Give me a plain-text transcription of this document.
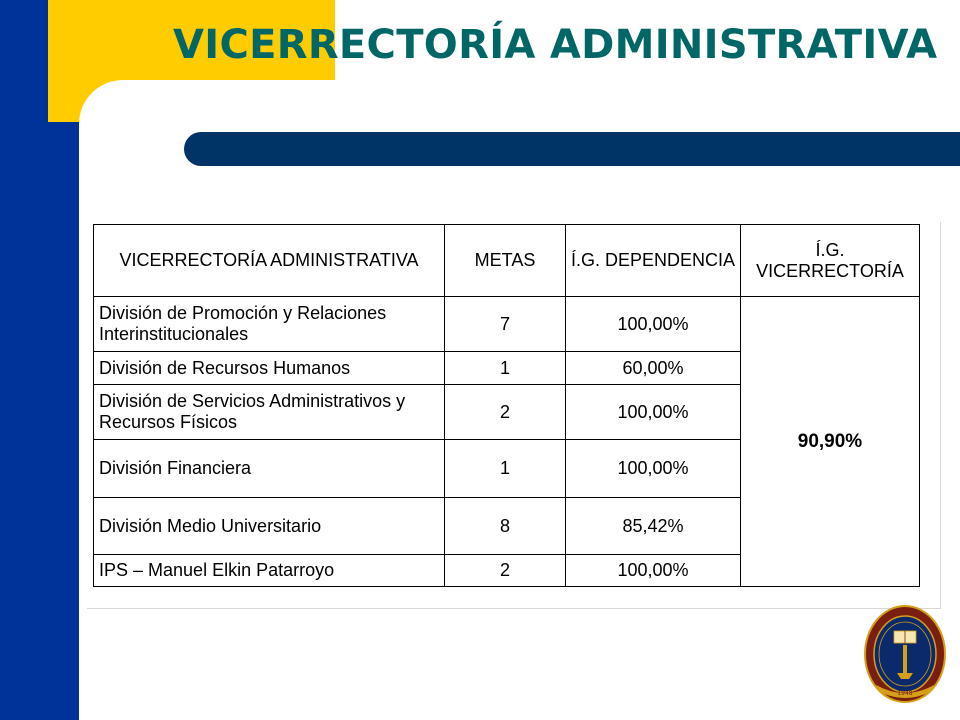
VICERRECTORÍA ADMINISTRATIVA
VICERRECTORÍA ADMINISTRATIVA	METAS	Í.G. DEPENDENCIA	Í.G.
VICERRECTORÍA

División de Promoción y Relaciones
Interinstitucionales	7	100,00%	90,90%

División de Recursos Humanos	1	60,00%	

División de Servicios Administrativos y
Recursos Físicos	2	100,00%	

División Financiera	1	100,00%	

División Medio Universitario	8	85,42%	

IPS – Manuel Elkin Patarroyo	2	100,00%	
1948
